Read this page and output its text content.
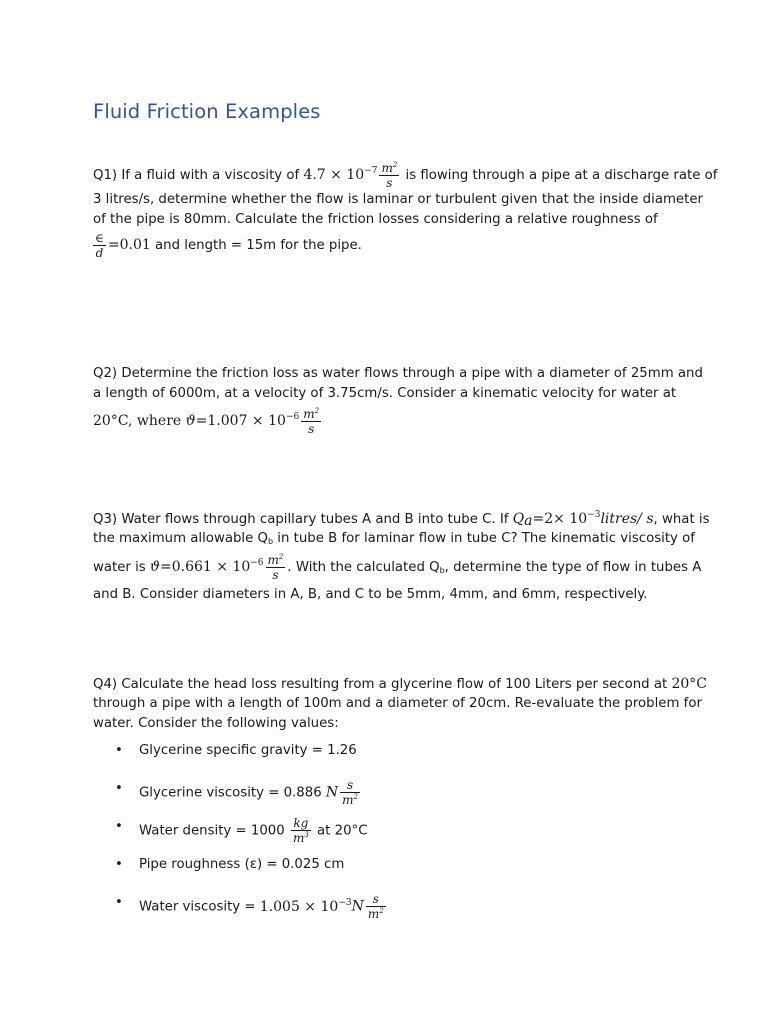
Fluid Friction Examples
Q1) If a fluid with a viscosity of $4.7 \times 10^{-7} \frac{m^2}{s}$ is flowing through a pipe at a discharge rate of
3 litres/s, determine whether the flow is laminar or turbulent given that the inside diameter
of the pipe is 80mm. Calculate the friction losses considering a relative roughness of
$\frac{\in}{d} =0.01$ and length = 15m for the pipe.
Q2) Determine the friction loss as water flows through a pipe with a diameter of 25mm and
a length of 6000m, at a velocity of 3.75cm/s. Consider a kinematic velocity for water at
20°C, where $ϑ=1.007 \times 10^{-6} \frac{m^2}{s}$
Q3) Water flows through capillary tubes A and B into tube C. If $Q_a=2\times$ $10^{-3}litres/$ s, what is
the maximum allowable $Q_b$ in tube B for laminar flow in tube C? The kinematic viscosity of
water is $ϑ=0.661 \times 10^{-6} \frac{m^2}{s}$ . With the calculated $Q_b$, determine the type of flow in tubes A
and B. Consider diameters in A, B, and C to be 5mm, 4mm, and 6mm, respectively.
Q4) Calculate the head loss resulting from a glycerine flow of 100 Liters per second at 20°C
through a pipe with a length of 100m and a diameter of 20cm. Re-evaluate the problem for
water. Consider the following values:
• Glycerine specific gravity = 1.26
• Glycerine viscosity = 0.886 N $\frac{s}{m^2}$
• Water density = $1000 \frac{kg}{m^3}$ at 20°C
• Pipe roughness (ε) = 0.025 cm
• Water viscosity = $1.005 \times 10^{-3}N \frac{s}{m^2}$
